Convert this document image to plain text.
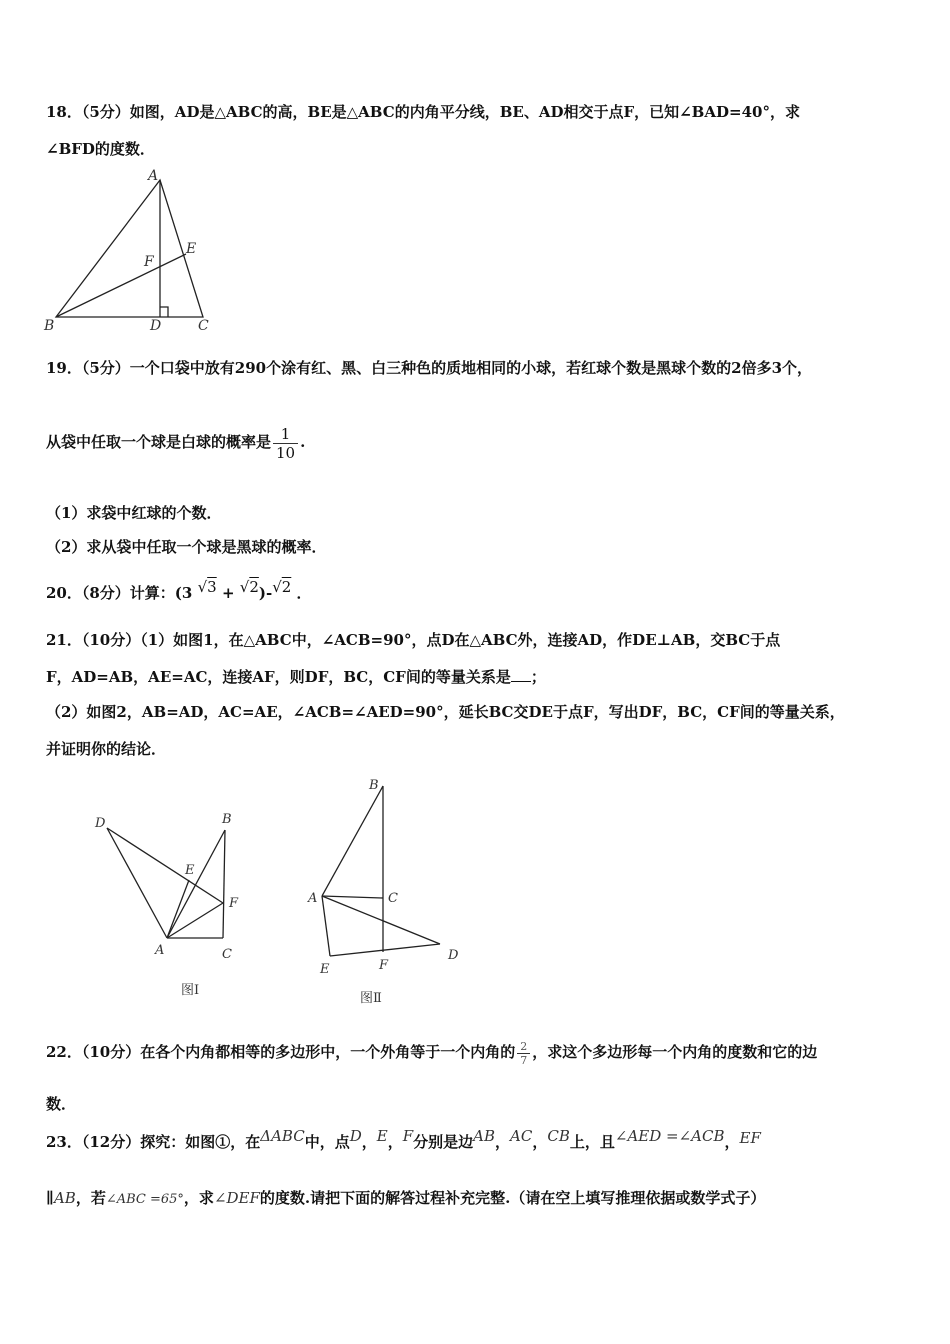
18．（5分）如图，AD是△ABC的高，BE是△ABC的内角平分线，BE、AD相交于点F，已知∠BAD=40°，求
∠BFD的度数．
A
B	C
D
E
F
19．（5分）一个口袋中放有290个涂有红、黑、白三种色的质地相同的小球，若红球个数是黑球个数的2倍多3个，
从袋中任取一个球是白球的概率是 $\frac{1}{10}$ .
（1）求袋中红球的个数．
（2）求从袋中任取一个球是黑球的概率．
20．（8分）计算：(3 √3 + √2)-√2 ．
21．（10分）（1）如图1，在△ABC中，∠ACB=90°，点D在△ABC外，连接AD，作DE⊥AB，交BC于点
F，AD=AB，AE=AC，连接AF，则DF，BC，CF间的等量关系是 ；
（2）如图2，AB=AD，AC=AE，∠ACB=∠AED=90°，延长BC交DE于点F，写出DF，BC，CF间的等量关系，
并证明你的结论．
D	B
E
F
A	C
图Ⅰ
B
A	C
E	F
D
图Ⅱ
22．（10分）在各个内角都相等的多边形中，一个外角等于一个内角的 $\frac{2}{7}$ ，求这个多边形每一个内角的度数和它的边
数．
23．（12分）探究：如图①，在ΔABC中，点D，E，F分别是边AB，AC，CB上，且∠AED =∠ACB，EF
∥AB，若∠ABC =65°，求∠DEF的度数.请把下面的解答过程补充完整.（请在空上填写推理依据或数学式子）
